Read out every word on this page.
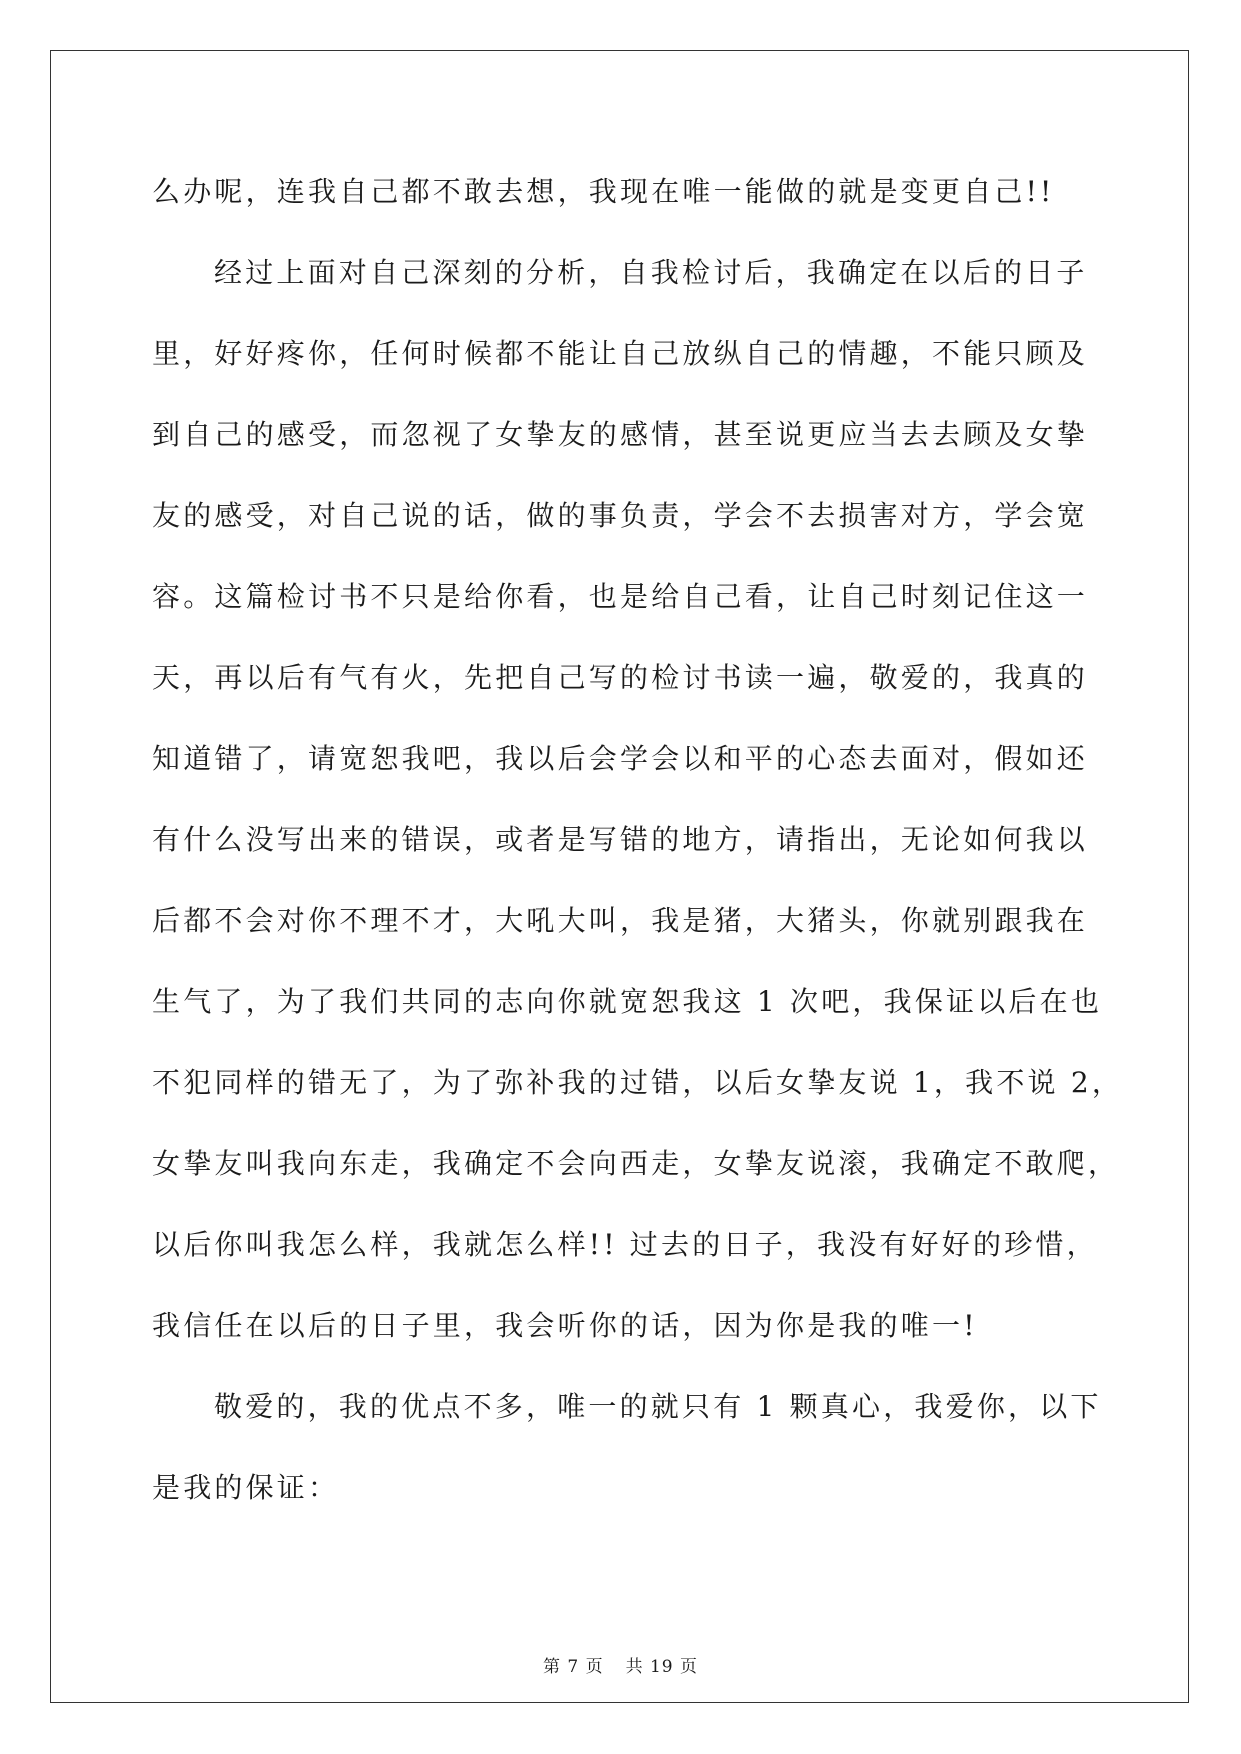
么办呢，连我自己都不敢去想，我现在唯一能做的就是变更自己!!
经过上面对自己深刻的分析，自我检讨后，我确定在以后的日子
里，好好疼你，任何时候都不能让自己放纵自己的情趣，不能只顾及
到自己的感受，而忽视了女挚友的感情，甚至说更应当去去顾及女挚
友的感受，对自己说的话，做的事负责，学会不去损害对方，学会宽
容。这篇检讨书不只是给你看，也是给自己看，让自己时刻记住这一
天，再以后有气有火，先把自己写的检讨书读一遍，敬爱的，我真的
知道错了，请宽恕我吧，我以后会学会以和平的心态去面对，假如还
有什么没写出来的错误，或者是写错的地方，请指出，无论如何我以
后都不会对你不理不才，大吼大叫，我是猪，大猪头，你就别跟我在
生气了，为了我们共同的志向你就宽恕我这 1 次吧，我保证以后在也
不犯同样的错无了，为了弥补我的过错，以后女挚友说 1，我不说 2，
女挚友叫我向东走，我确定不会向西走，女挚友说滚，我确定不敢爬，
以后你叫我怎么样，我就怎么样!! 过去的日子，我没有好好的珍惜，
我信任在以后的日子里，我会听你的话，因为你是我的唯一!
敬爱的，我的优点不多，唯一的就只有 1 颗真心，我爱你，以下
是我的保证：
第 7 页 共 19 页
